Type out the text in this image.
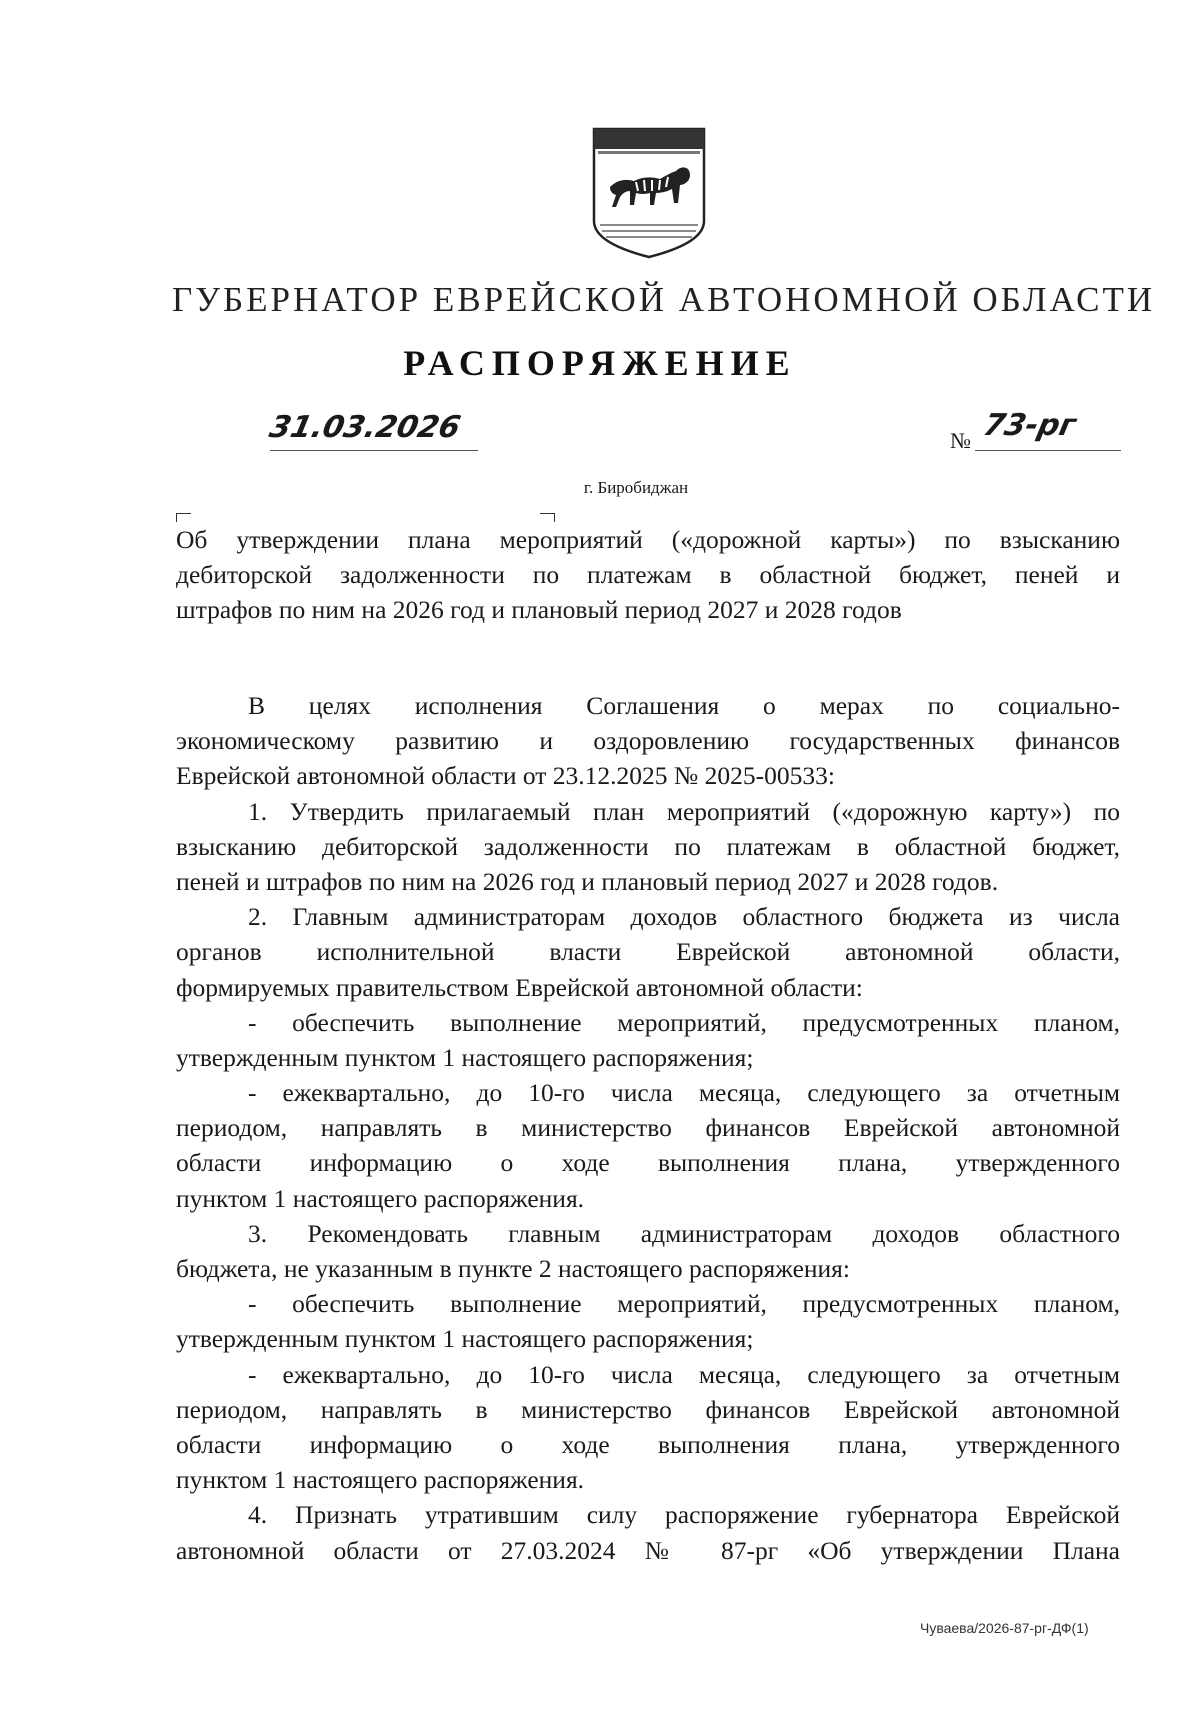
ГУБЕРНАТОР ЕВРЕЙСКОЙ АВТОНОМНОЙ ОБЛАСТИ
РАСПОРЯЖЕНИЕ
31.03.2026	№ 73-рг
г. Биробиджан
Об утверждении плана мероприятий («дорожной карты») по взысканию
дебиторской задолженности по платежам в областной бюджет, пеней и
штрафов по ним на 2026 год и плановый период 2027 и 2028 годов
В целях исполнения Соглашения о мерах по социально-
экономическому развитию и оздоровлению государственных финансов
Еврейской автономной области от 23.12.2025 № 2025-00533:
1. Утвердить прилагаемый план мероприятий («дорожную карту») по
взысканию дебиторской задолженности по платежам в областной бюджет,
пеней и штрафов по ним на 2026 год и плановый период 2027 и 2028 годов.
2. Главным администраторам доходов областного бюджета из числа
органов исполнительной власти Еврейской автономной области,
формируемых правительством Еврейской автономной области:
- обеспечить выполнение мероприятий, предусмотренных планом,
утвержденным пунктом 1 настоящего распоряжения;
- ежеквартально, до 10-го числа месяца, следующего за отчетным
периодом, направлять в министерство финансов Еврейской автономной
области информацию о ходе выполнения плана, утвержденного
пунктом 1 настоящего распоряжения.
3. Рекомендовать главным администраторам доходов областного
бюджета, не указанным в пункте 2 настоящего распоряжения:
- обеспечить выполнение мероприятий, предусмотренных планом,
утвержденным пунктом 1 настоящего распоряжения;
- ежеквартально, до 10-го числа месяца, следующего за отчетным
периодом, направлять в министерство финансов Еврейской автономной
области информацию о ходе выполнения плана, утвержденного
пунктом 1 настоящего распоряжения.
4. Признать утратившим силу распоряжение губернатора Еврейской
автономной области от 27.03.2024 № 87-рг «Об утверждении Плана
Чуваева/2026-87-рг-ДФ(1)
